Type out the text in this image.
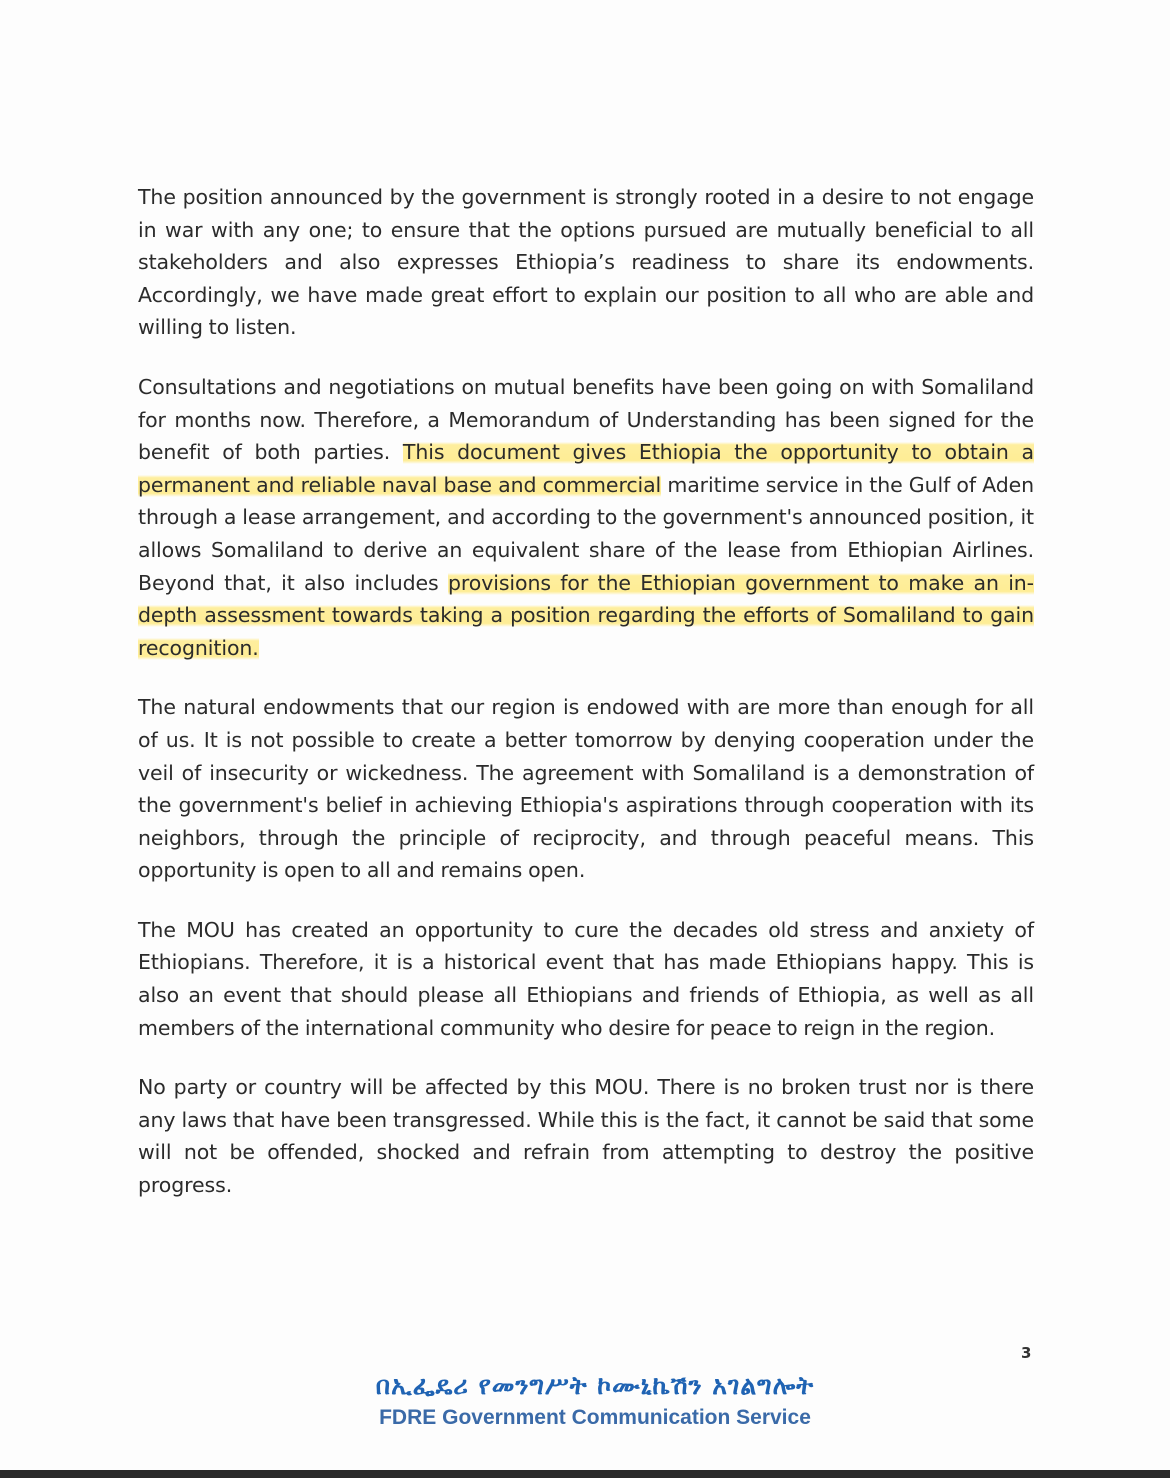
The position announced by the government is strongly rooted in a desire to not engage in war with any one; to ensure that the options pursued are mutually beneficial to all stakeholders and also expresses Ethiopia’s readiness to share its endowments. Accordingly, we have made great effort to explain our position to all who are able and willing to listen.

Consultations and negotiations on mutual benefits have been going on with Somaliland for months now. Therefore, a Memorandum of Understanding has been signed for the benefit of both parties. This document gives Ethiopia the opportunity to obtain a permanent and reliable naval base and commercial maritime service in the Gulf of Aden through a lease arrangement, and according to the government's announced position, it allows Somaliland to derive an equivalent share of the lease from Ethiopian Airlines. Beyond that, it also includes provisions for the Ethiopian government to make an in-depth assessment towards taking a position regarding the efforts of Somaliland to gain recognition.

The natural endowments that our region is endowed with are more than enough for all of us. It is not possible to create a better tomorrow by denying cooperation under the veil of insecurity or wickedness. The agreement with Somaliland is a demonstration of the government's belief in achieving Ethiopia's aspirations through cooperation with its neighbors, through the principle of reciprocity, and through peaceful means. This opportunity is open to all and remains open.

The MOU has created an opportunity to cure the decades old stress and anxiety of Ethiopians. Therefore, it is a historical event that has made Ethiopians happy. This is also an event that should please all Ethiopians and friends of Ethiopia, as well as all members of the international community who desire for peace to reign in the region.

No party or country will be affected by this MOU. There is no broken trust nor is there any laws that have been transgressed. While this is the fact, it cannot be said that some will not be offended, shocked and refrain from attempting to destroy the positive progress.

3
በኢፌዴሪ የመንግሥት ኮሙኒኬሽን አገልግሎት
FDRE Government Communication Service
